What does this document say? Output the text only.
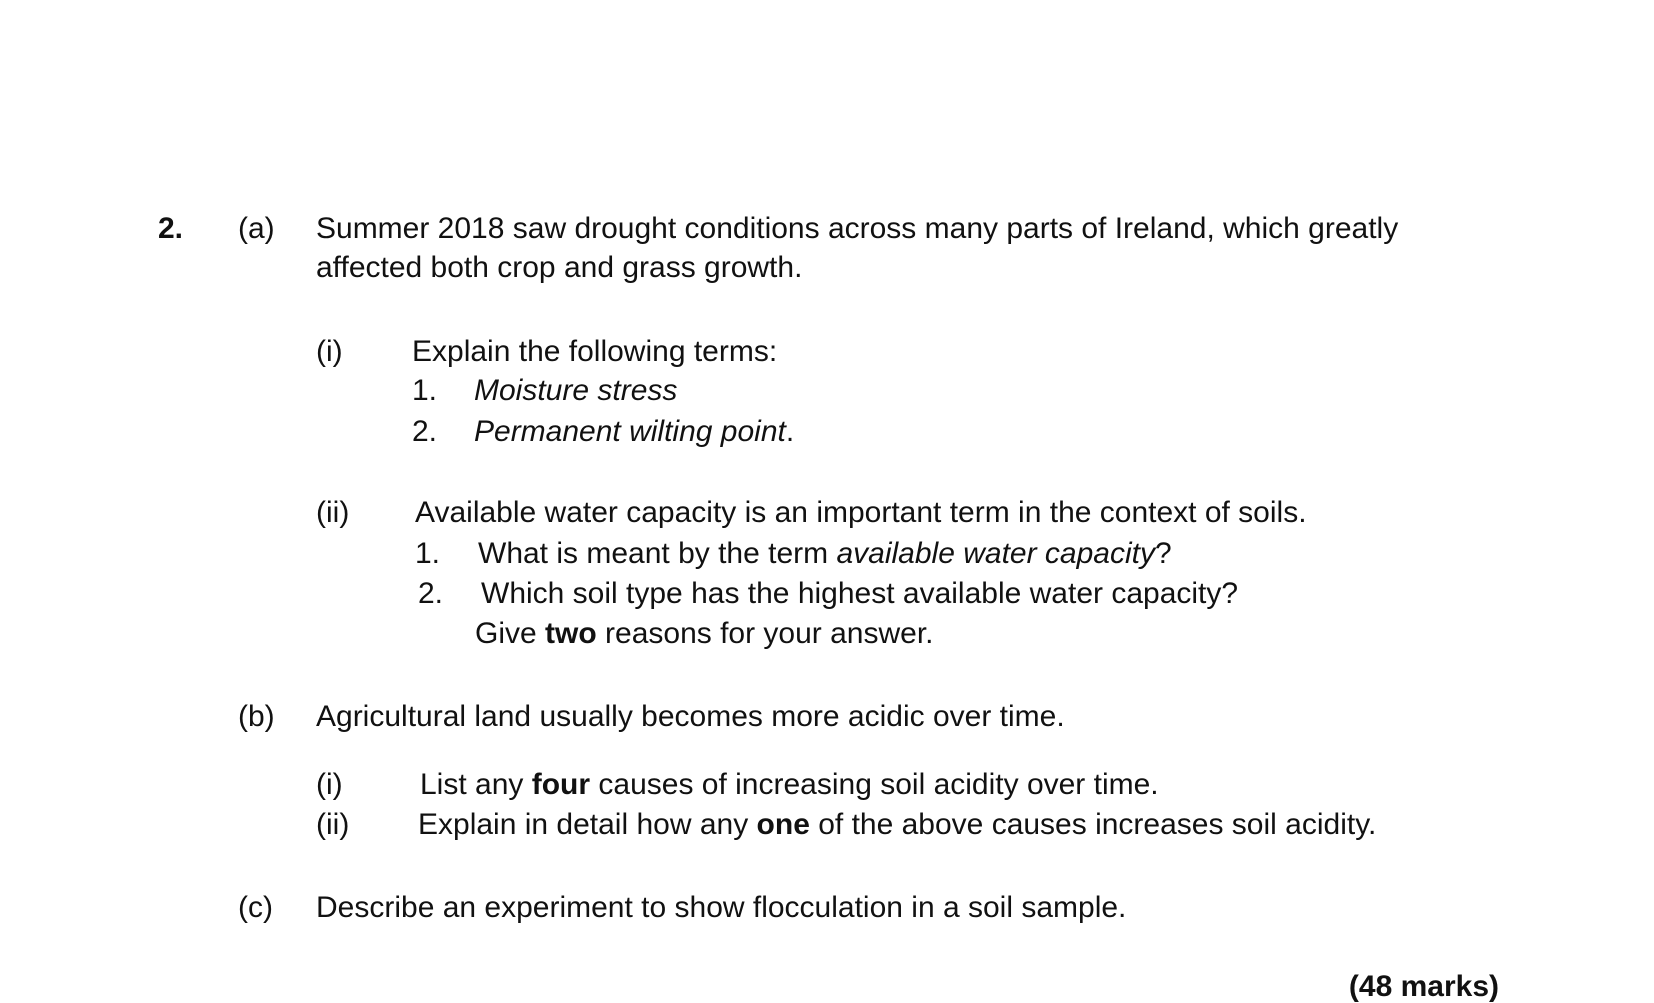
2. (a) Summer 2018 saw drought conditions across many parts of Ireland, which greatly
affected both crop and grass growth.
(i) Explain the following terms:
1. Moisture stress
2. Permanent wilting point.
(ii) Available water capacity is an important term in the context of soils.
1. What is meant by the term available water capacity?
2. Which soil type has the highest available water capacity?
Give two reasons for your answer.
(b) Agricultural land usually becomes more acidic over time.
(i)	List any four causes of increasing soil acidity over time.
(ii) Explain in detail how any one of the above causes increases soil acidity.
(c) Describe an experiment to show flocculation in a soil sample.
(48 marks)
